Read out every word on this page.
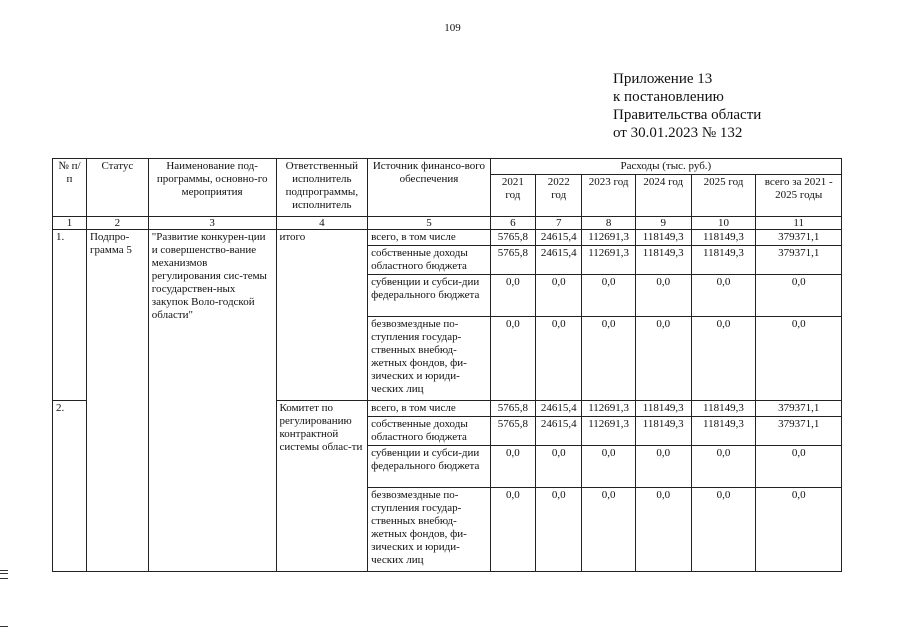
109
Приложение 13
к постановлению
Правительства области
от 30.01.2023 № 132
№ п/п	Статус	Наименование под-программы, основно-го мероприятия	Ответственный исполнитель подпрограммы, исполнитель	Источник финансо-вого обеспечения	Расходы (тыс. руб.)					
					2021 год	2022 год	2023 год	2024 год	2025 год	всего за 2021 - 2025 годы
1	2	3	4	5	6	7	8	9	10	11
1.	Подпро-грамма 5	"Развитие конкурен-ции и совершенство-вание механизмов регулирования сис-темы государствен-ных закупок Воло-годской области"	итого	всего, в том числе	5765,8	24615,4	112691,3	118149,3	118149,3	379371,1
				собственные доходы областного бюджета	5765,8	24615,4	112691,3	118149,3	118149,3	379371,1
				субвенции и субси-дии федерального бюджета	0,0	0,0	0,0	0,0	0,0	0,0
				безвозмездные по-ступления государ-ственных внебюд-жетных фондов, фи-зических и юриди-ческих лиц	0,0	0,0	0,0	0,0	0,0	0,0
2.			Комитет по регулированию контрактной системы облас-ти	всего, в том числе	5765,8	24615,4	112691,3	118149,3	118149,3	379371,1
				собственные доходы областного бюджета	5765,8	24615,4	112691,3	118149,3	118149,3	379371,1
				субвенции и субси-дии федерального бюджета	0,0	0,0	0,0	0,0	0,0	0,0
				безвозмездные по-ступления государ-ственных внебюд-жетных фондов, фи-зических и юриди-ческих лиц	0,0	0,0	0,0	0,0	0,0	0,0
